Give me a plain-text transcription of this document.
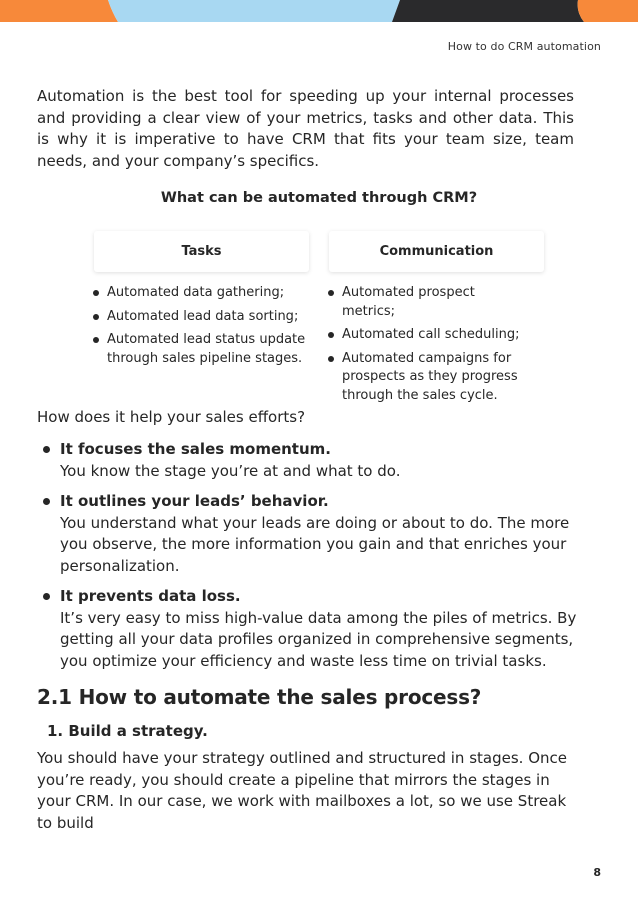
How to do CRM automation

Automation is the best tool for speeding up your internal processes and providing a clear view of your metrics, tasks and other data. This is why it is imperative to have CRM that fits your team size, team needs, and your company’s specifics.

What can be automated through CRM?
Tasks	Communication
Automated data gathering;
Automated lead data sorting;
Automated lead status update through sales pipeline stages.
Automated prospect metrics;
Automated call scheduling;
Automated campaigns for prospects as they progress through the sales cycle.

How does it help your sales efforts?

It focuses the sales momentum.
You know the stage you’re at and what to do.
It outlines your leads’ behavior.
You understand what your leads are doing or about to do. The more you observe, the more information you gain and that enriches your personalization.
It prevents data loss.
It’s very easy to miss high-value data among the piles of metrics. By getting all your data profiles organized in comprehensive segments, you optimize your efficiency and waste less time on trivial tasks.
2.1 How to automate the sales process?
1. Build a strategy.

You should have your strategy outlined and structured in stages. Once you’re ready, you should create a pipeline that mirrors the stages in your CRM. In our case, we work with mailboxes a lot, so we use Streak to build

8
